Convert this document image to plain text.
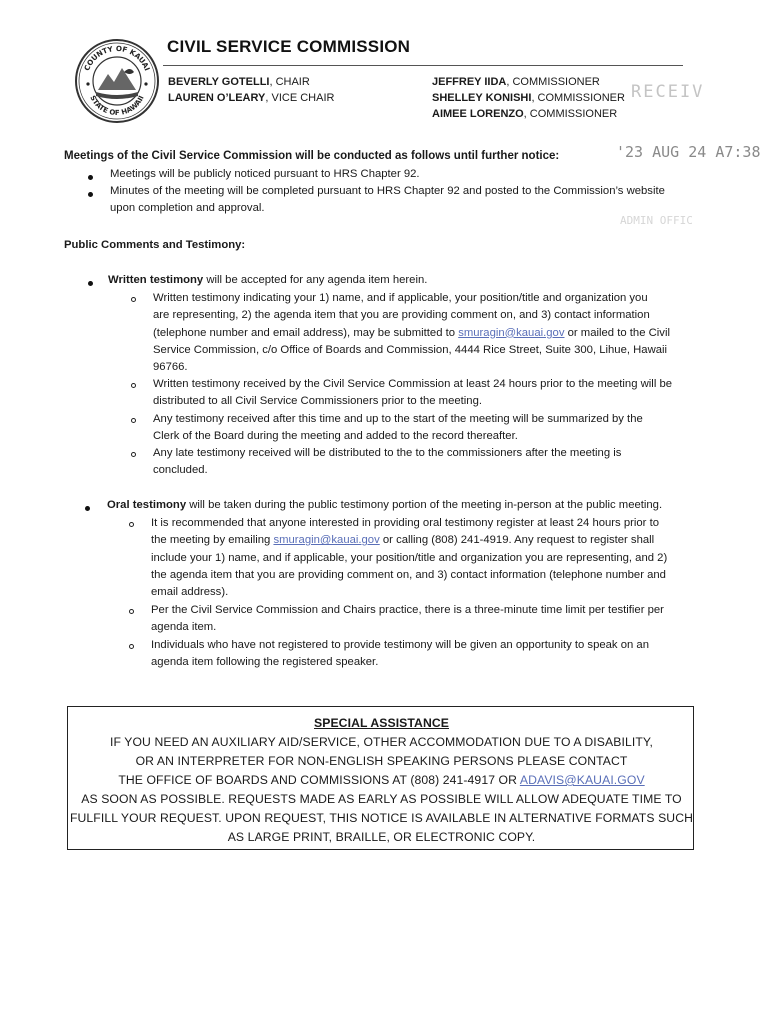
COUNTY OF KAUAI
STATE OF HAWAII
CIVIL SERVICE COMMISSION
BEVERLY GOTELLI, CHAIR
LAUREN O’LEARY, VICE CHAIR
JEFFREY IIDA, COMMISSIONER
SHELLEY KONISHI, COMMISSIONER
AIMEE LORENZO, COMMISSIONER
RECEIV
'23 AUG 24 A7:38
ADMIN OFFIC
Meetings of the Civil Service Commission will be conducted as follows until further notice:
Meetings will be publicly noticed pursuant to HRS Chapter 92.
Minutes of the meeting will be completed pursuant to HRS Chapter 92 and posted to the Commission’s website
upon completion and approval.
Public Comments and Testimony:
Written testimony will be accepted for any agenda item herein.
Written testimony indicating your 1) name, and if applicable, your position/title and organization you
are representing, 2) the agenda item that you are providing comment on, and 3) contact information
(telephone number and email address), may be submitted to smuragin@kauai.gov or mailed to the Civil
Service Commission, c/o Office of Boards and Commission, 4444 Rice Street, Suite 300, Lihue, Hawaii
96766.
Written testimony received by the Civil Service Commission at least 24 hours prior to the meeting will be
distributed to all Civil Service Commissioners prior to the meeting.
Any testimony received after this time and up to the start of the meeting will be summarized by the
Clerk of the Board during the meeting and added to the record thereafter.
Any late testimony received will be distributed to the to the commissioners after the meeting is
concluded.
Oral testimony will be taken during the public testimony portion of the meeting in-person at the public meeting.
It is recommended that anyone interested in providing oral testimony register at least 24 hours prior to
the meeting by emailing smuragin@kauai.gov or calling (808) 241-4919. Any request to register shall
include your 1) name, and if applicable, your position/title and organization you are representing, and 2)
the agenda item that you are providing comment on, and 3) contact information (telephone number and
email address).
Per the Civil Service Commission and Chairs practice, there is a three-minute time limit per testifier per
agenda item.
Individuals who have not registered to provide testimony will be given an opportunity to speak on an
agenda item following the registered speaker.
SPECIAL ASSISTANCE
IF YOU NEED AN AUXILIARY AID/SERVICE, OTHER ACCOMMODATION DUE TO A DISABILITY,
OR AN INTERPRETER FOR NON-ENGLISH SPEAKING PERSONS PLEASE CONTACT
THE OFFICE OF BOARDS AND COMMISSIONS AT (808) 241-4917 OR ADAVIS@KAUAI.GOV
AS SOON AS POSSIBLE. REQUESTS MADE AS EARLY AS POSSIBLE WILL ALLOW ADEQUATE TIME TO
FULFILL YOUR REQUEST. UPON REQUEST, THIS NOTICE IS AVAILABLE IN ALTERNATIVE FORMATS SUCH
AS LARGE PRINT, BRAILLE, OR ELECTRONIC COPY.
